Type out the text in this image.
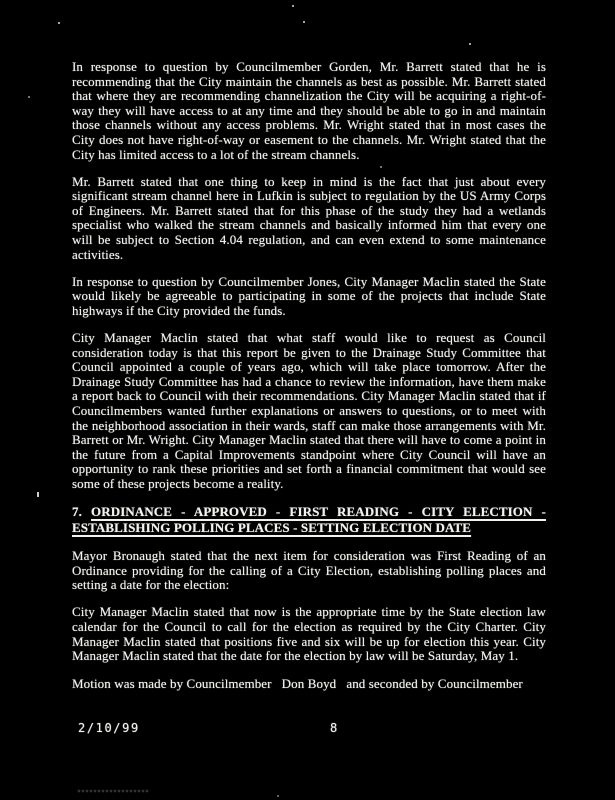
In response to question by Councilmember Gorden, Mr. Barrett stated that he is recommending that the City maintain the channels as best as possible. Mr. Barrett stated that where they are recommending channelization the City will be acquiring a right-of-way they will have access to at any time and they should be able to go in and maintain those channels without any access problems. Mr. Wright stated that in most cases the City does not have right-of-way or easement to the channels. Mr. Wright stated that the City has limited access to a lot of the stream channels.

Mr. Barrett stated that one thing to keep in mind is the fact that just about every significant stream channel here in Lufkin is subject to regulation by the US Army Corps of Engineers. Mr. Barrett stated that for this phase of the study they had a wetlands specialist who walked the stream channels and basically informed him that every one will be subject to Section 4.04 regulation, and can even extend to some maintenance activities.

In response to question by Councilmember Jones, City Manager Maclin stated the State would likely be agreeable to participating in some of the projects that include State highways if the City provided the funds.

City Manager Maclin stated that what staff would like to request as Council consideration today is that this report be given to the Drainage Study Committee that Council appointed a couple of years ago, which will take place tomorrow. After the Drainage Study Committee has had a chance to review the information, have them make a report back to Council with their recommendations. City Manager Maclin stated that if Councilmembers wanted further explanations or answers to questions, or to meet with the neighborhood association in their wards, staff can make those arrangements with Mr. Barrett or Mr. Wright. City Manager Maclin stated that there will have to come a point in the future from a Capital Improvements standpoint where City Council will have an opportunity to rank these priorities and set forth a financial commitment that would see some of these projects become a reality.

7. ORDINANCE - APPROVED - FIRST READING - CITY ELECTION -
ESTABLISHING POLLING PLACES - SETTING ELECTION DATE

Mayor Bronaugh stated that the next item for consideration was First Reading of an Ordinance providing for the calling of a City Election, establishing polling places and setting a date for the election:

City Manager Maclin stated that now is the appropriate time by the State election law calendar for the Council to call for the election as required by the City Charter. City Manager Maclin stated that positions five and six will be up for election this year. City Manager Maclin stated that the date for the election by law will be Saturday, May 1.

Motion was made by Councilmember   Don Boyd   and seconded by Councilmember

2/10/99	8
